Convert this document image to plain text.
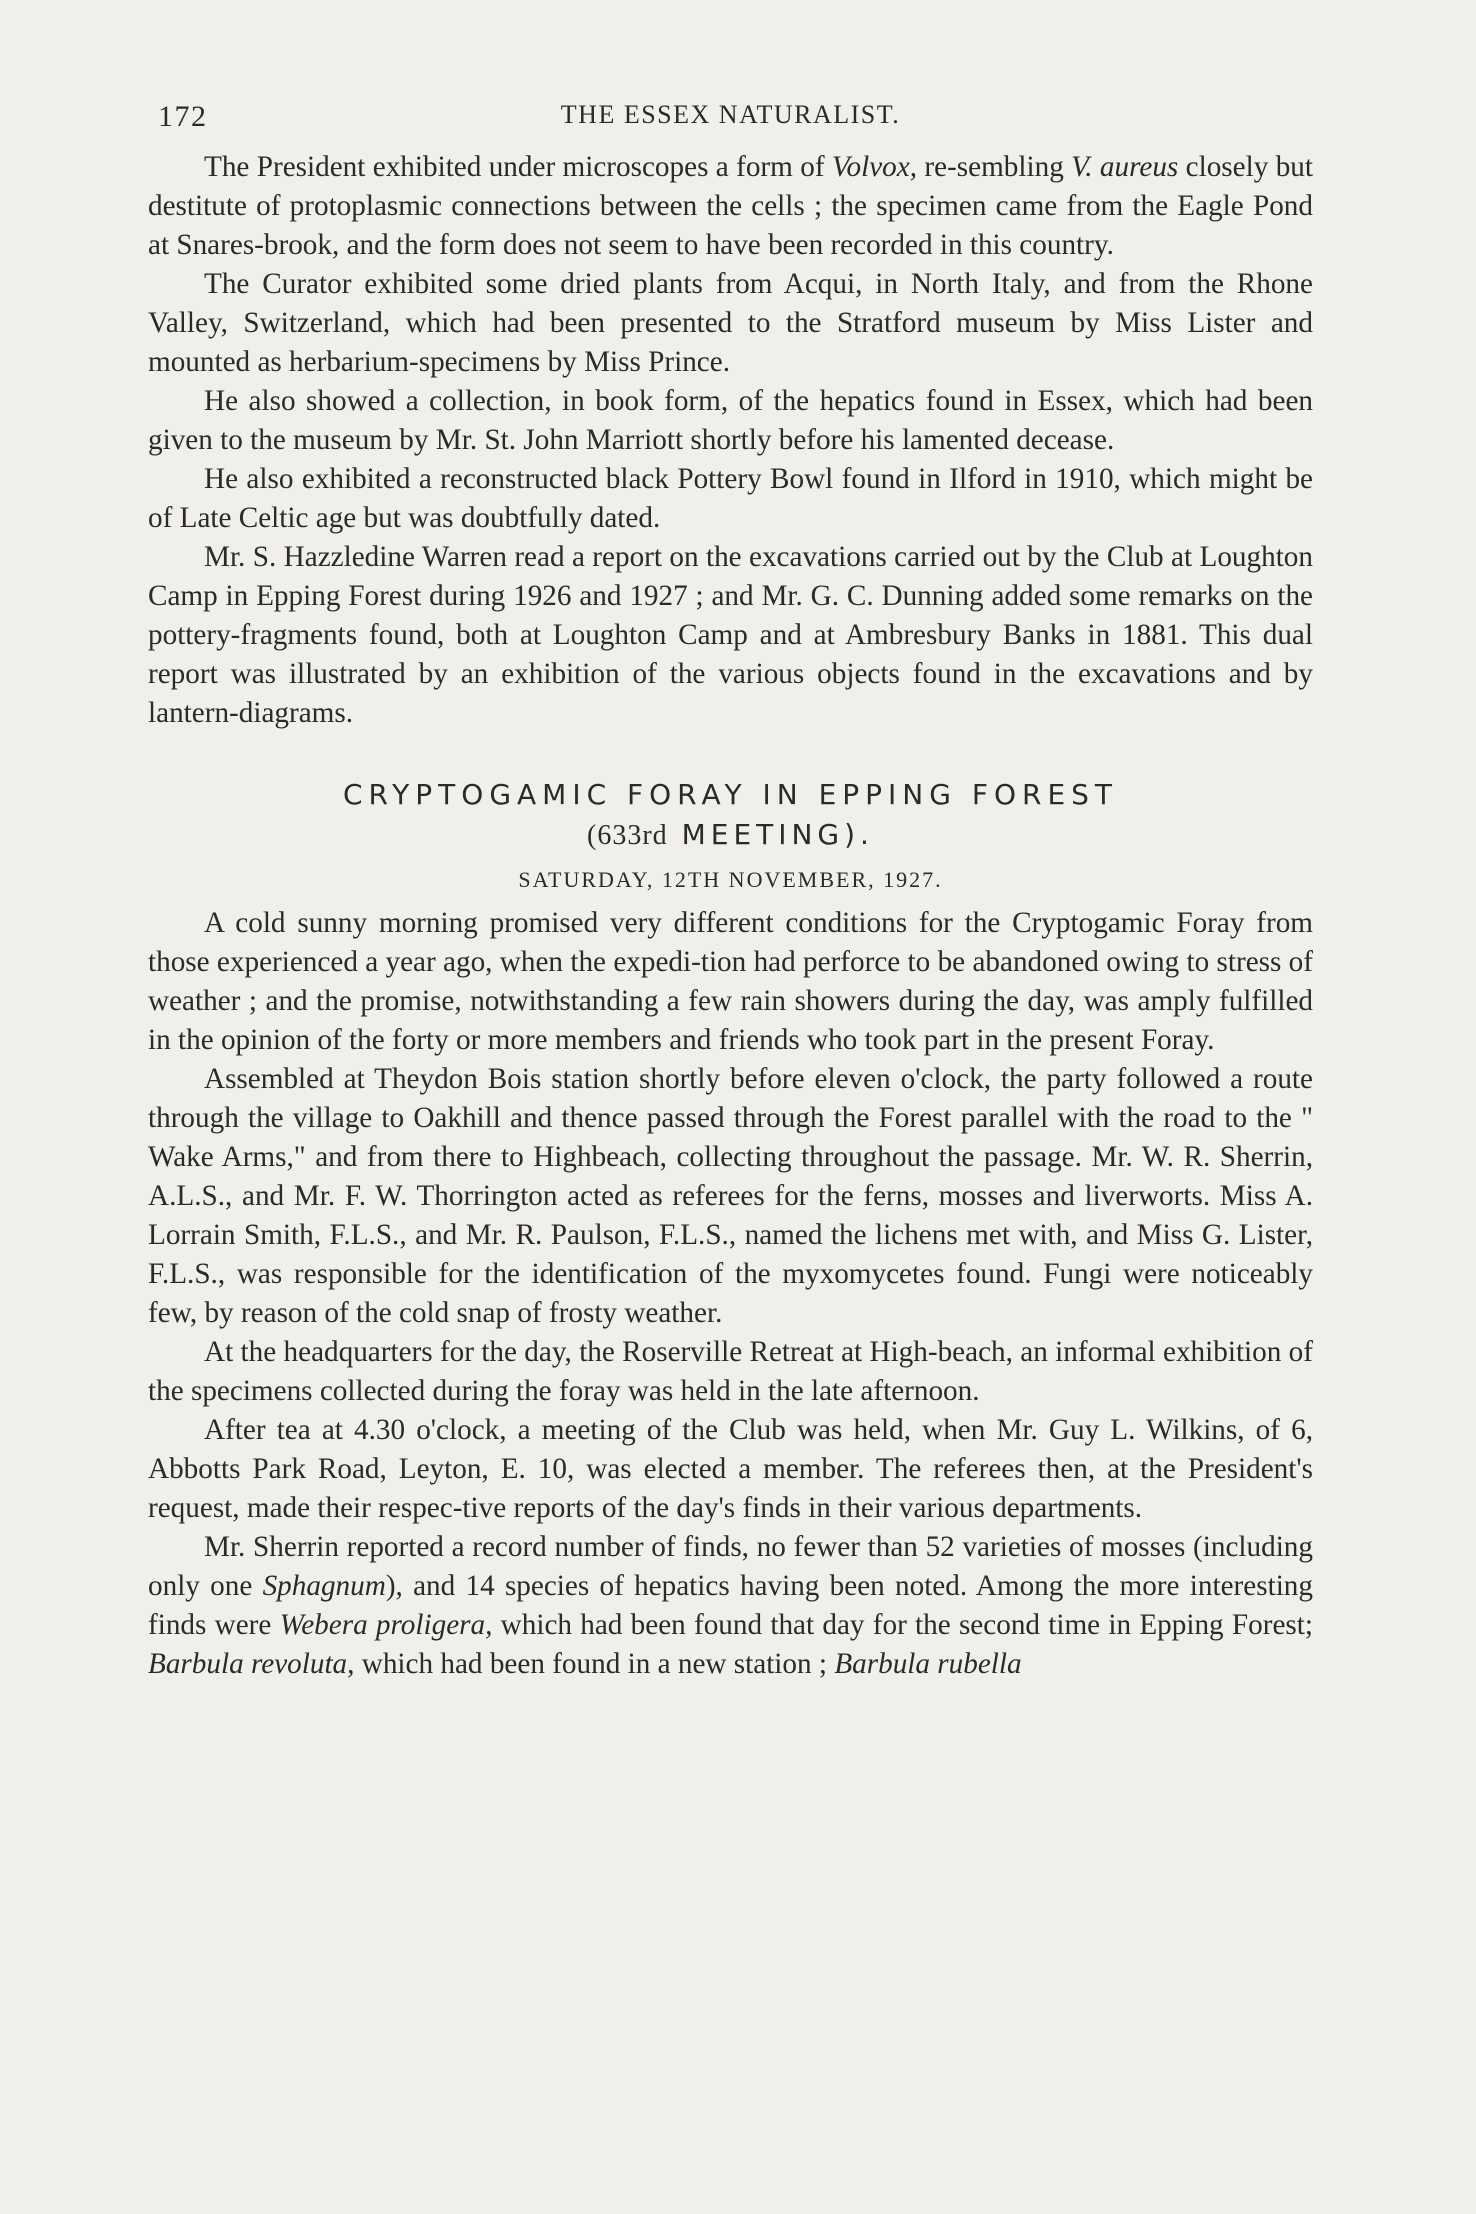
172	THE ESSEX NATURALIST.

The President exhibited under microscopes a form of Volvox, re-sembling V. aureus closely but destitute of protoplasmic connections between the cells ; the specimen came from the Eagle Pond at Snares-brook, and the form does not seem to have been recorded in this country.

The Curator exhibited some dried plants from Acqui, in North Italy, and from the Rhone Valley, Switzerland, which had been presented to the Stratford museum by Miss Lister and mounted as herbarium-specimens by Miss Prince.

He also showed a collection, in book form, of the hepatics found in Essex, which had been given to the museum by Mr. St. John Marriott shortly before his lamented decease.

He also exhibited a reconstructed black Pottery Bowl found in Ilford in 1910, which might be of Late Celtic age but was doubtfully dated.

Mr. S. Hazzledine Warren read a report on the excavations carried out by the Club at Loughton Camp in Epping Forest during 1926 and 1927 ; and Mr. G. C. Dunning added some remarks on the pottery-fragments found, both at Loughton Camp and at Ambresbury Banks in 1881. This dual report was illustrated by an exhibition of the various objects found in the excavations and by lantern-diagrams.

CRYPTOGAMIC FORAY IN EPPING FOREST
(633rd MEETING).
SATURDAY, 12TH NOVEMBER, 1927.

A cold sunny morning promised very different conditions for the Cryptogamic Foray from those experienced a year ago, when the expedi-tion had perforce to be abandoned owing to stress of weather ; and the promise, notwithstanding a few rain showers during the day, was amply fulfilled in the opinion of the forty or more members and friends who took part in the present Foray.

Assembled at Theydon Bois station shortly before eleven o'clock, the party followed a route through the village to Oakhill and thence passed through the Forest parallel with the road to the " Wake Arms," and from there to Highbeach, collecting throughout the passage. Mr. W. R. Sherrin, A.L.S., and Mr. F. W. Thorrington acted as referees for the ferns, mosses and liverworts. Miss A. Lorrain Smith, F.L.S., and Mr. R. Paulson, F.L.S., named the lichens met with, and Miss G. Lister, F.L.S., was responsible for the identification of the myxomycetes found. Fungi were noticeably few, by reason of the cold snap of frosty weather.

At the headquarters for the day, the Roserville Retreat at High-beach, an informal exhibition of the specimens collected during the foray was held in the late afternoon.

After tea at 4.30 o'clock, a meeting of the Club was held, when Mr. Guy L. Wilkins, of 6, Abbotts Park Road, Leyton, E. 10, was elected a member. The referees then, at the President's request, made their respec-tive reports of the day's finds in their various departments.

Mr. Sherrin reported a record number of finds, no fewer than 52 varieties of mosses (including only one Sphagnum), and 14 species of hepatics having been noted. Among the more interesting finds were Webera proligera, which had been found that day for the second time in Epping Forest; Barbula revoluta, which had been found in a new station ; Barbula rubella
